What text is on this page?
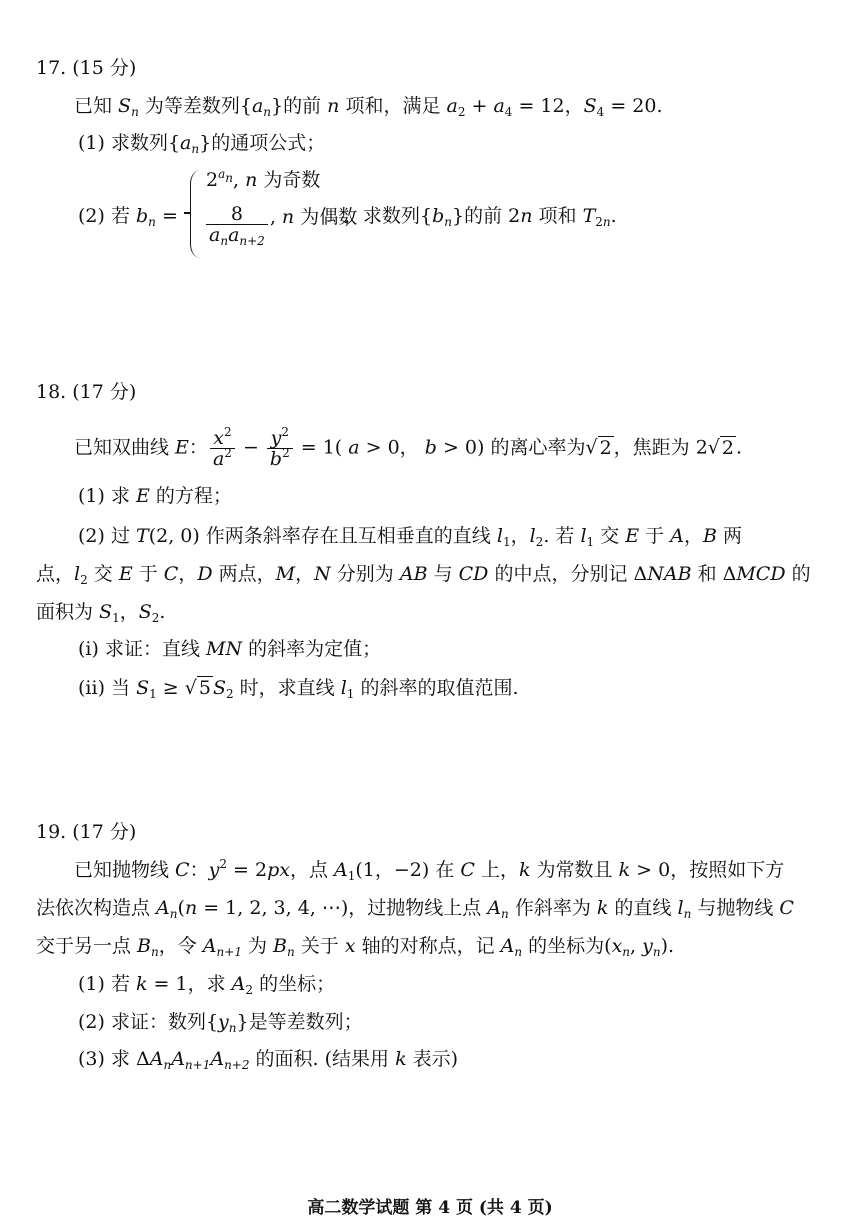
17. (15 分)
已知 $S_n$ 为等差数列$\{a_n\}$的前 n 项和，满足 $a_2 + a_4 = 12$，$S_4 = 20$.
(1) 求数列$\{a_n\}$的通项公式；
(2) 若 $b_n$ =
$2^{a_n}$, n 为奇数
$\frac{8}{a_na_{n+2}}$ , n 为偶数
，求数列$\{b_n\}$的前 2n 项和 $T_{2n}$.
18. (17 分)
已知双曲线 E： $\frac{x^2}{a^2} - \frac{y^2}{b^2} = 1$( a > 0， b > 0) 的离心率为√ 2 ，焦距为 2√ 2 .
(1) 求 E 的方程；
(2) 过 T(2, 0) 作两条斜率存在且互相垂直的直线 $l_1$，$l_2$. 若 $l_1$ 交 E 于 A，B 两
点，$l_2$ 交 E 于 C，D 两点，M，N 分别为 AB 与 CD 的中点，分别记 ΔNAB 和 ΔMCD 的
面积为 $S_1$，$S_2$.
(i) 求证：直线 MN 的斜率为定值；
(ii) 当 $S_1$ ≥ √ 5 $S_2$ 时，求直线 $l_1$ 的斜率的取值范围.
19. (17 分)
已知抛物线 C：$y^2 = 2px$，点 $A_1(1$，−2) 在 C 上，k 为常数且 k > 0，按照如下方
法依次构造点 $A_n(n = 1$, 2, 3, 4, ⋯)，过抛物线上点 $A_n$ 作斜率为 k 的直线 $l_n$ 与抛物线 C
交于另一点 $B_n$，令 $A_{n+1}$ 为 $B_n$ 关于 x 轴的对称点，记 $A_n$ 的坐标为($x_n$, $y_n$).
(1) 若 k = 1，求 $A_2$ 的坐标；
(2) 求证：数列$\{y_n\}$是等差数列；
(3) 求 $\Delta A_nA_{n+1}A_{n+2}$ 的面积. (结果用 k 表示)
高二数学试题 第 4 页 (共 4 页)
